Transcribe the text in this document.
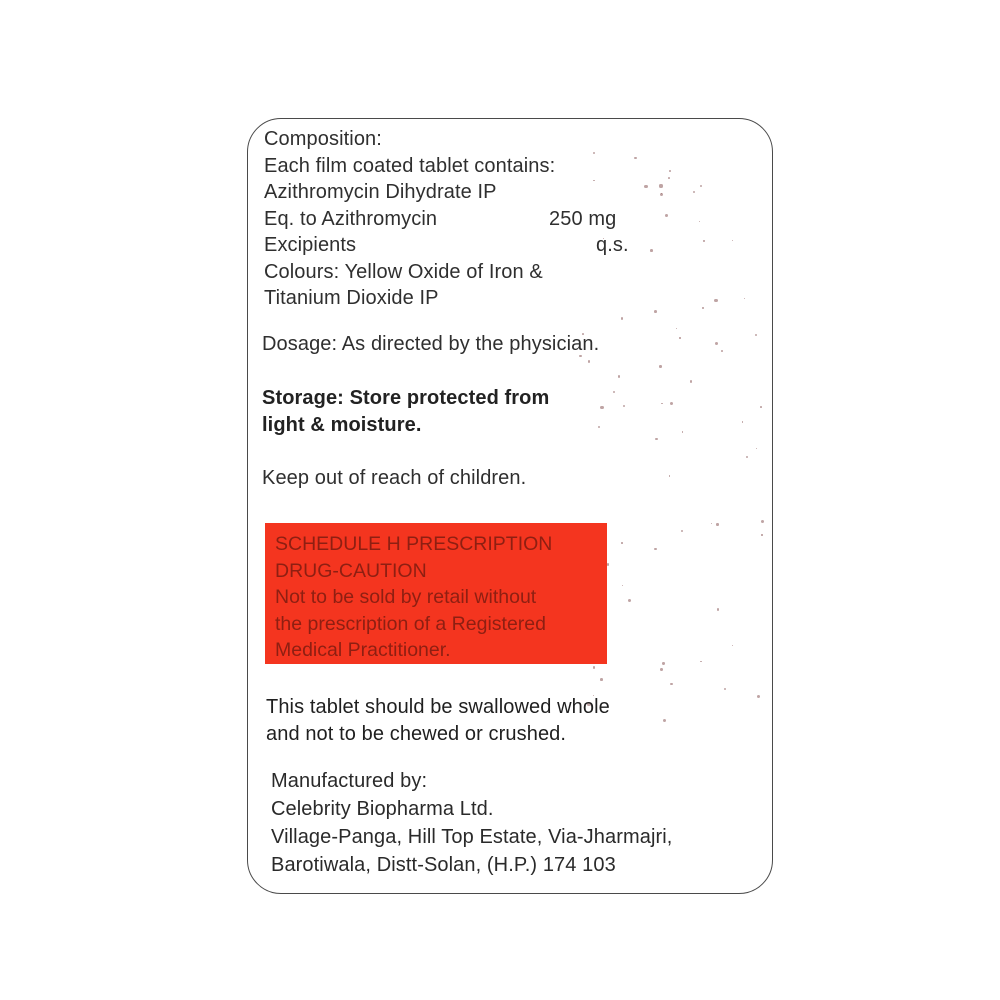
Composition:
Each film coated tablet contains:
Azithromycin Dihydrate IP
Eq. to Azithromycin	250 mg
Excipients	q.s.
Colours: Yellow Oxide of Iron &
Titanium Dioxide IP
Dosage: As directed by the physician.
Storage: Store protected from
light & moisture.
Keep out of reach of children.
SCHEDULE H PRESCRIPTION
DRUG-CAUTION
Not to be sold by retail without
the prescription of a Registered
Medical Practitioner.
This tablet should be swallowed whole
and not to be chewed or crushed.
Manufactured by:
Celebrity Biopharma Ltd.
Village-Panga, Hill Top Estate, Via-Jharmajri,
Barotiwala, Distt-Solan, (H.P.) 174 103
